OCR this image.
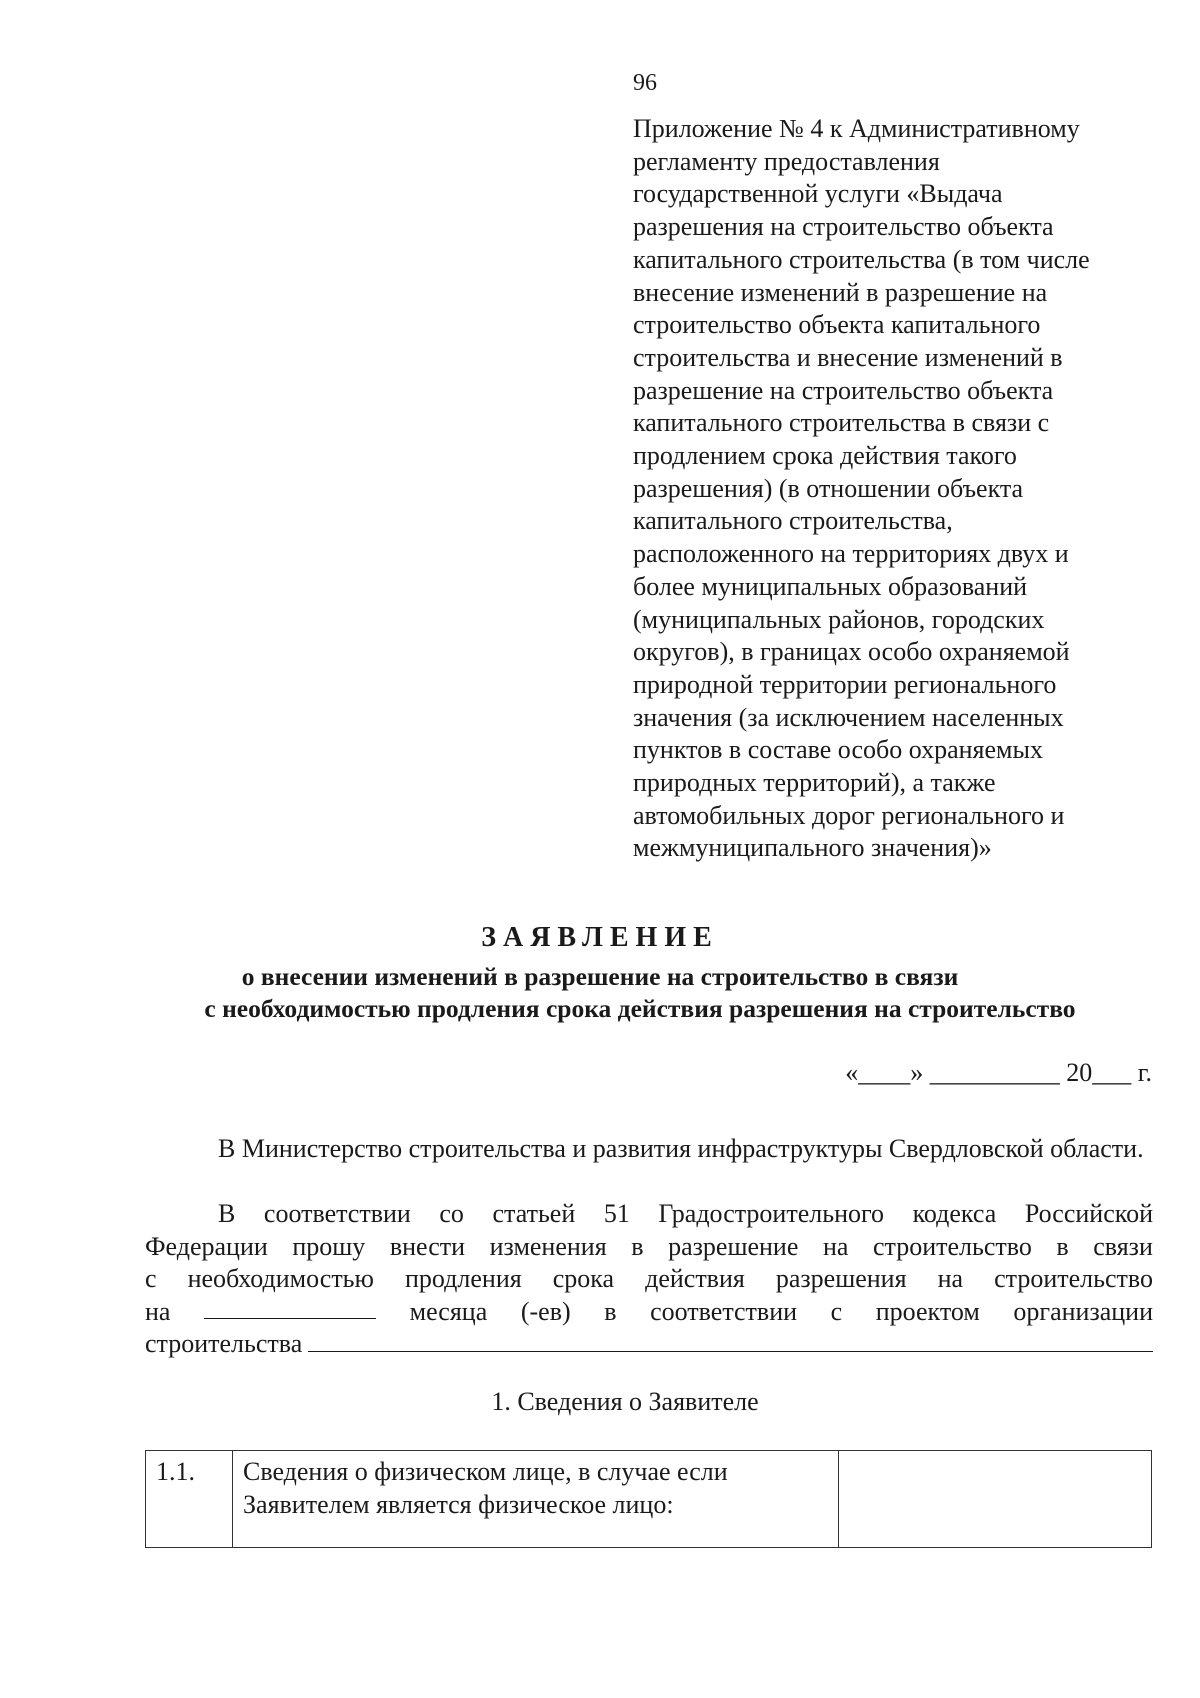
96
Приложение № 4 к Административному
регламенту предоставления
государственной услуги «Выдача
разрешения на строительство объекта
капитального строительства (в том числе
внесение изменений в разрешение на
строительство объекта капитального
строительства и внесение изменений в
разрешение на строительство объекта
капитального строительства в связи с
продлением срока действия такого
разрешения) (в отношении объекта
капитального строительства,
расположенного на территориях двух и
более муниципальных образований
(муниципальных районов, городских
округов), в границах особо охраняемой
природной территории регионального
значения (за исключением населенных
пунктов в составе особо охраняемых
природных территорий), а также
автомобильных дорог регионального и
межмуниципального значения)»
ЗАЯВЛЕНИЕ
о внесении изменений в разрешение на строительство в связи
с необходимостью продления срока действия разрешения на строительство
«____» __________ 20___ г.

В Министерство строительства и развития инфраструктуры Свердловской области.

В соответствии со статьей 51 Градостроительного кодекса Российской
Федерации прошу внести изменения в разрешение на строительство в связи
с необходимостью продления срока действия разрешения на строительство
на	месяца (-ев) в соответствии с проектом организации
строительства
1. Сведения о Заявителе
1.1.	Сведения о физическом лице, в случае если Заявителем является физическое лицо:	
